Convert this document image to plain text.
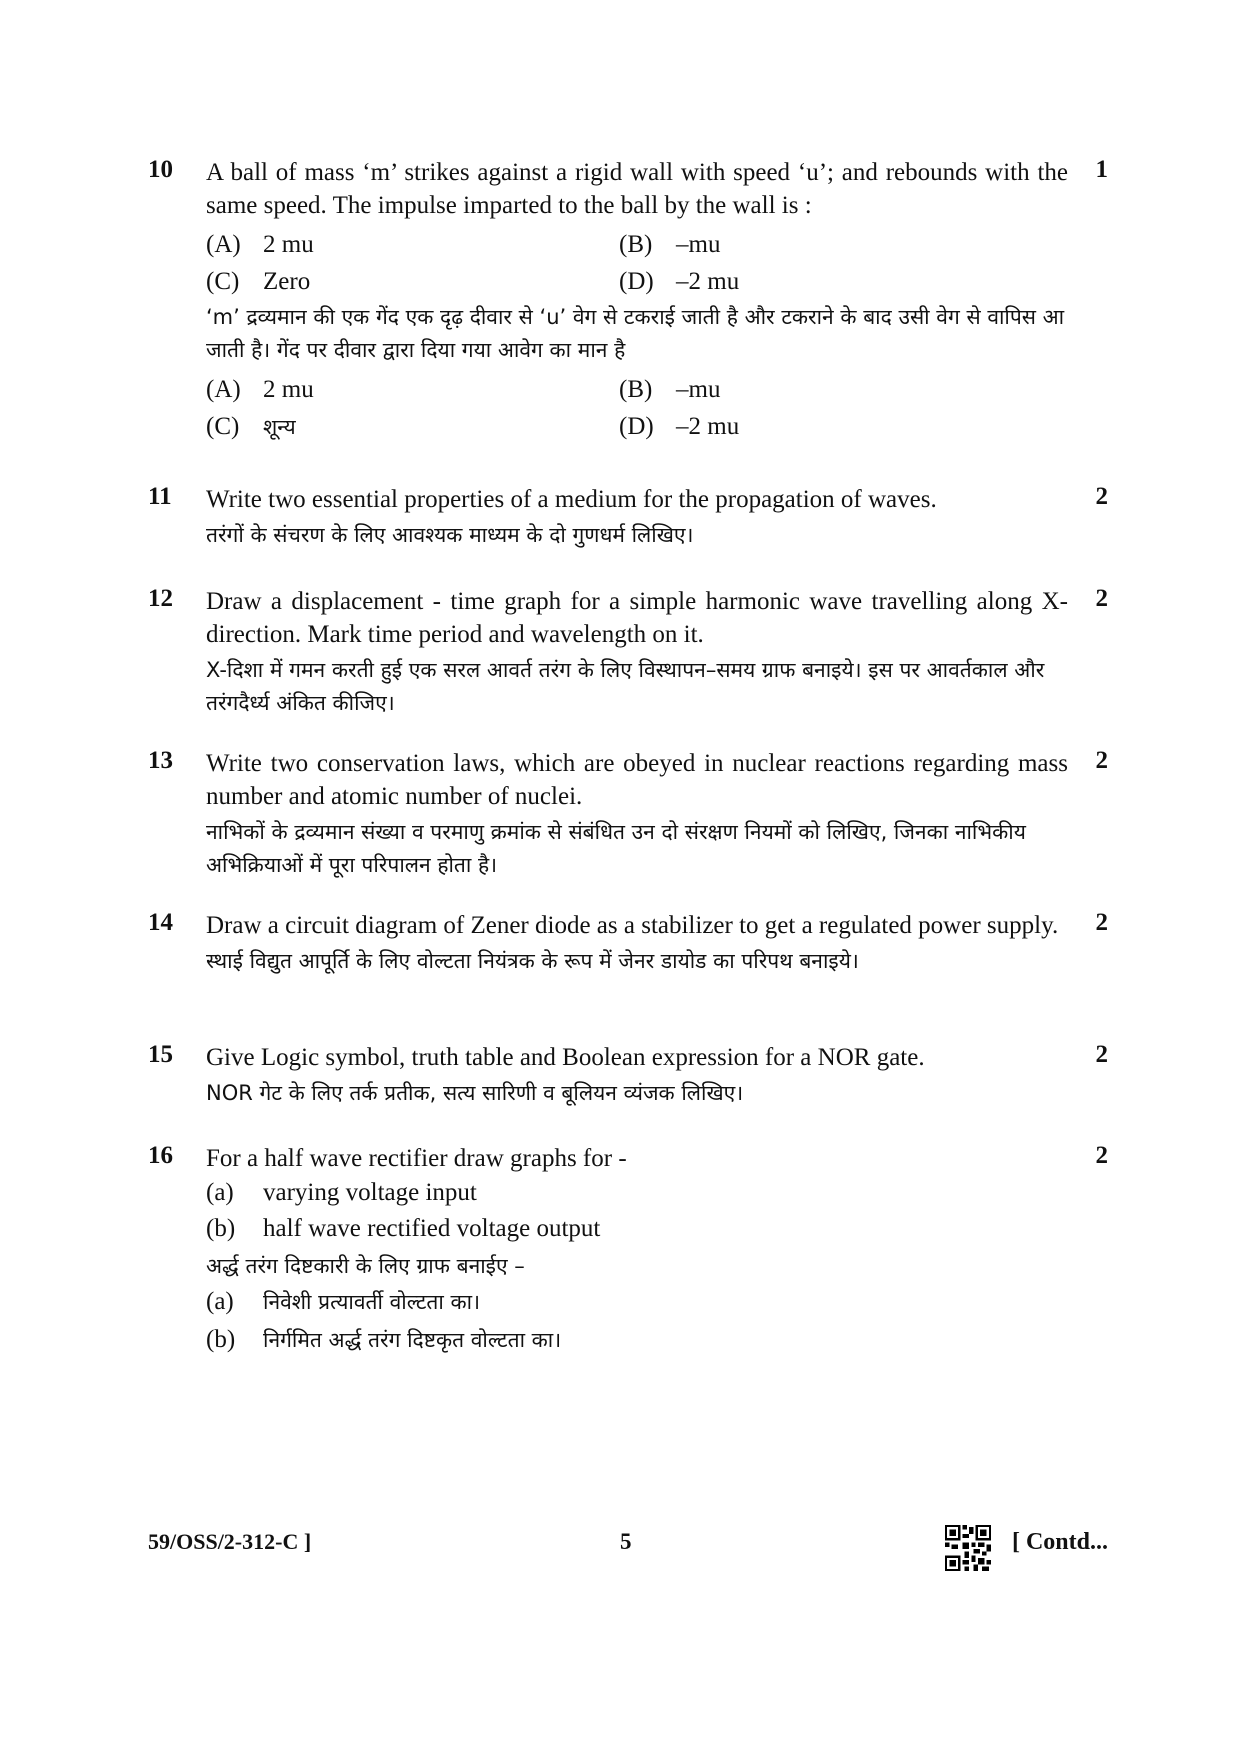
10	1
A ball of mass ‘m’ strikes against a rigid wall with speed ‘u’; and rebounds with the same speed. The impulse imparted to the ball by the wall is :
(A) 2 mu	(B) –mu
(C) Zero	(D) –2 mu
‘m’ द्रव्यमान की एक गेंद एक दृढ़ दीवार से ‘u’ वेग से टकराई जाती है और टकराने के बाद उसी वेग से वापिस आ जाती है। गेंद पर दीवार द्वारा दिया गया आवेग का मान है
(A) 2 mu	(B) –mu
(C) शून्य	(D) –2 mu
11	2
Write two essential properties of a medium for the propagation of waves.
तरंगों के संचरण के लिए आवश्यक माध्यम के दो गुणधर्म लिखिए।
12	2
Draw a displacement - time graph for a simple harmonic wave travelling along X-direction. Mark time period and wavelength on it.
X-दिशा में गमन करती हुई एक सरल आवर्त तरंग के लिए विस्थापन–समय ग्राफ बनाइये। इस पर आवर्तकाल और तरंगदैर्ध्य अंकित कीजिए।
13	2
Write two conservation laws, which are obeyed in nuclear reactions regarding mass number and atomic number of nuclei.
नाभिकों के द्रव्यमान संख्या व परमाणु क्रमांक से संबंधित उन दो संरक्षण नियमों को लिखिए, जिनका नाभिकीय अभिक्रियाओं में पूरा परिपालन होता है।
14	2
Draw a circuit diagram of Zener diode as a stabilizer to get a regulated power supply.
स्थाई विद्युत आपूर्ति के लिए वोल्टता नियंत्रक के रूप में जेनर डायोड का परिपथ बनाइये।
15	2
Give Logic symbol, truth table and Boolean expression for a NOR gate.
NOR गेट के लिए तर्क प्रतीक, सत्य सारिणी व बूलियन व्यंजक लिखिए।
16	2
For a half wave rectifier draw graphs for -
(a) varying voltage input
(b) half wave rectified voltage output
अर्द्ध तरंग दिष्टकारी के लिए ग्राफ बनाईए –
(a) निवेशी प्रत्यावर्ती वोल्टता का।
(b) निर्गमित अर्द्ध तरंग दिष्टकृत वोल्टता का।
59/OSS/2-312-C ]	5	[ Contd...
